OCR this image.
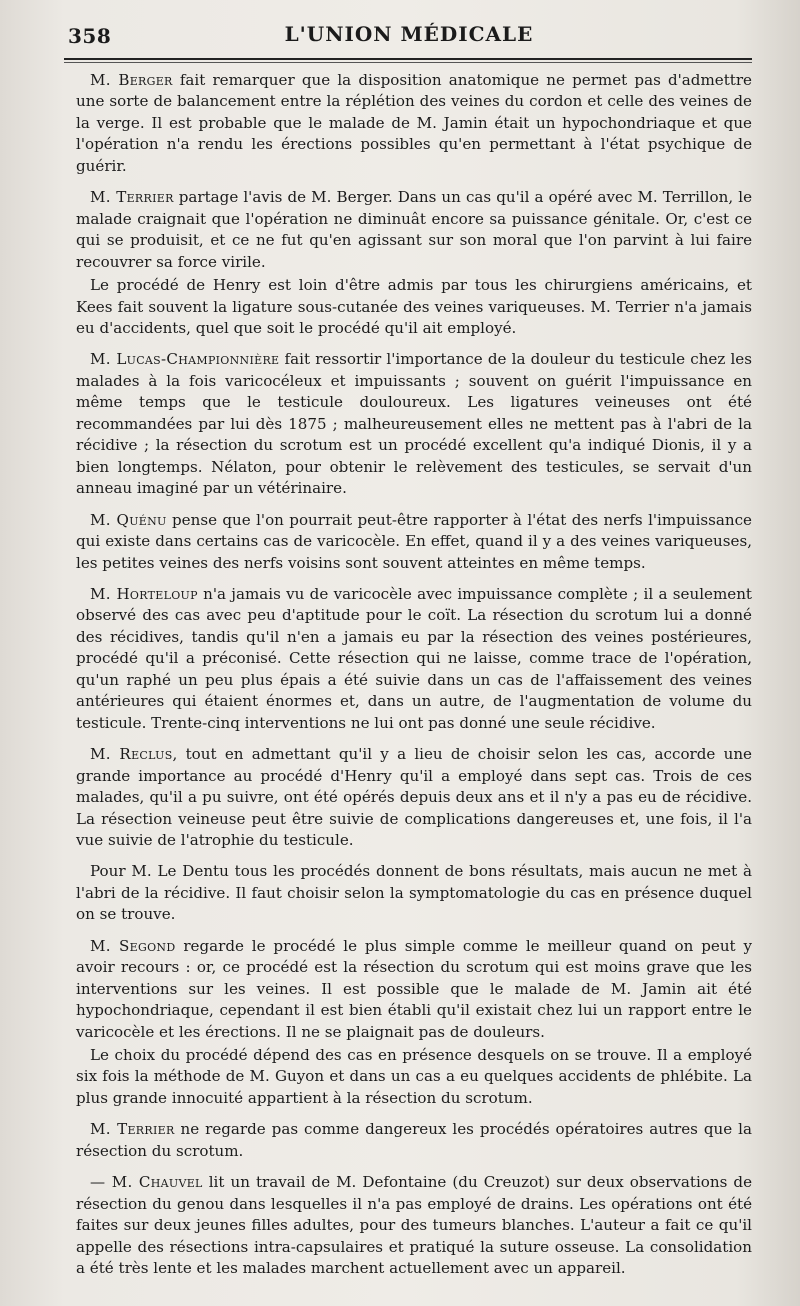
358	L'UNION MÉDICALE

M. Berger fait remarquer que la disposition anatomique ne permet pas d'admettre une sorte de balancement entre la réplétion des veines du cordon et celle des veines de la verge. Il est probable que le malade de M. Jamin était un hypochondriaque et que l'opération n'a rendu les érections possibles qu'en permettant à l'état psychique de guérir.

M. Terrier partage l'avis de M. Berger. Dans un cas qu'il a opéré avec M. Terrillon, le malade craignait que l'opération ne diminuât encore sa puissance génitale. Or, c'est ce qui se produisit, et ce ne fut qu'en agissant sur son moral que l'on parvint à lui faire recouvrer sa force virile.

Le procédé de Henry est loin d'être admis par tous les chirurgiens américains, et Kees fait souvent la ligature sous-cutanée des veines variqueuses. M. Terrier n'a jamais eu d'accidents, quel que soit le procédé qu'il ait employé.

M. Lucas-Championnière fait ressortir l'importance de la douleur du testicule chez les malades à la fois varicocéleux et impuissants ; souvent on guérit l'impuissance en même temps que le testicule douloureux. Les ligatures veineuses ont été recommandées par lui dès 1875 ; malheureusement elles ne mettent pas à l'abri de la récidive ; la résection du scrotum est un procédé excellent qu'a indiqué Dionis, il y a bien longtemps. Nélaton, pour obtenir le relèvement des testicules, se servait d'un anneau imaginé par un vétérinaire.

M. Quénu pense que l'on pourrait peut-être rapporter à l'état des nerfs l'impuissance qui existe dans certains cas de varicocèle. En effet, quand il y a des veines variqueuses, les petites veines des nerfs voisins sont souvent atteintes en même temps.

M. Horteloup n'a jamais vu de varicocèle avec impuissance complète ; il a seulement observé des cas avec peu d'aptitude pour le coït. La résection du scrotum lui a donné des récidives, tandis qu'il n'en a jamais eu par la résection des veines postérieures, procédé qu'il a préconisé. Cette résection qui ne laisse, comme trace de l'opération, qu'un raphé un peu plus épais a été suivie dans un cas de l'affaissement des veines antérieures qui étaient énormes et, dans un autre, de l'augmentation de volume du testicule. Trente-cinq interventions ne lui ont pas donné une seule récidive.

M. Reclus, tout en admettant qu'il y a lieu de choisir selon les cas, accorde une grande importance au procédé d'Henry qu'il a employé dans sept cas. Trois de ces malades, qu'il a pu suivre, ont été opérés depuis deux ans et il n'y a pas eu de récidive. La résection veineuse peut être suivie de complications dangereuses et, une fois, il l'a vue suivie de l'atrophie du testicule.

Pour M. Le Dentu tous les procédés donnent de bons résultats, mais aucun ne met à l'abri de la récidive. Il faut choisir selon la symptomatologie du cas en présence duquel on se trouve.

M. Segond regarde le procédé le plus simple comme le meilleur quand on peut y avoir recours : or, ce procédé est la résection du scrotum qui est moins grave que les interventions sur les veines. Il est possible que le malade de M. Jamin ait été hypochondriaque, cependant il est bien établi qu'il existait chez lui un rapport entre le varicocèle et les érections. Il ne se plaignait pas de douleurs.

Le choix du procédé dépend des cas en présence desquels on se trouve. Il a employé six fois la méthode de M. Guyon et dans un cas a eu quelques accidents de phlébite. La plus grande innocuité appartient à la résection du scrotum.

M. Terrier ne regarde pas comme dangereux les procédés opératoires autres que la résection du scrotum.

— M. Chauvel lit un travail de M. Defontaine (du Creuzot) sur deux observations de résection du genou dans lesquelles il n'a pas employé de drains. Les opérations ont été faites sur deux jeunes filles adultes, pour des tumeurs blanches. L'auteur a fait ce qu'il appelle des résections intra-capsulaires et pratiqué la suture osseuse. La consolidation a été très lente et les malades marchent actuellement avec un appareil.
